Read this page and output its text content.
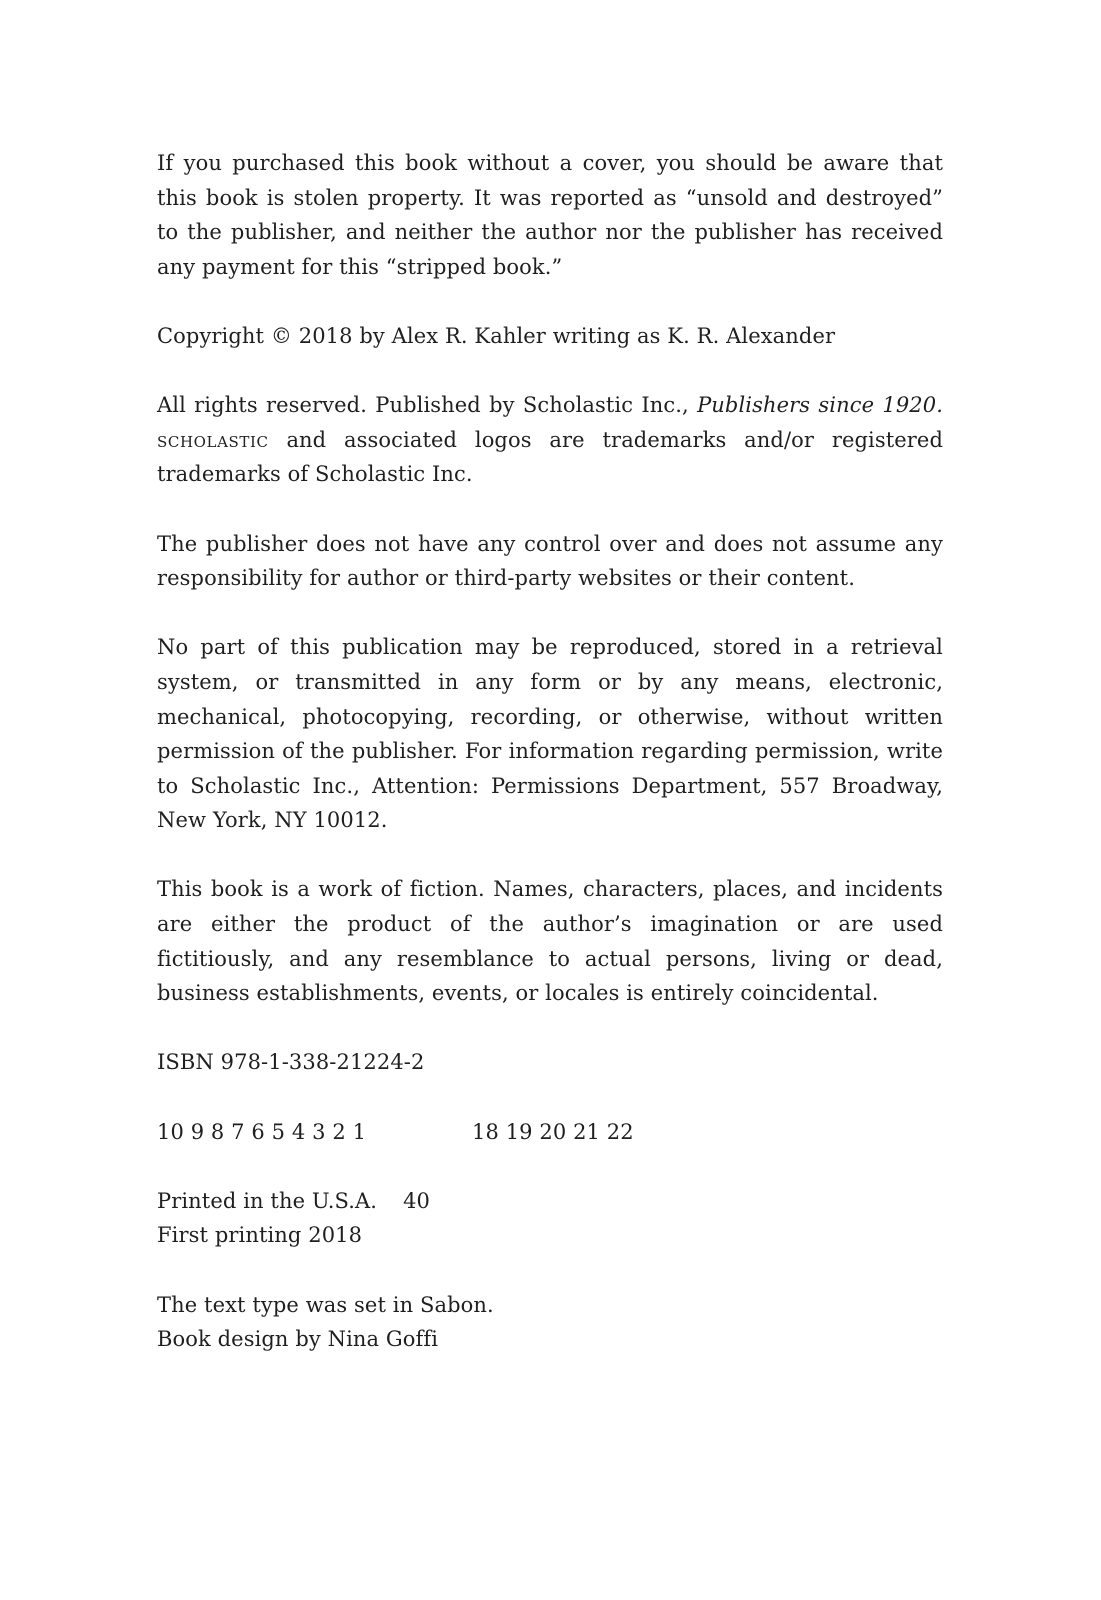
If you purchased this book without a cover, you should be aware that this book is stolen property. It was reported as “unsold and destroyed” to the publisher, and neither the author nor the publisher has received any payment for this “stripped book.”

Copyright © 2018 by Alex R. Kahler writing as K. R. Alexander

All rights reserved. Published by Scholastic Inc., Publishers since 1920. scholastic and associated logos are trademarks and/or registered trademarks of Scholastic Inc.

The publisher does not have any control over and does not assume any responsibility for author or third-party websites or their content.

No part of this publication may be reproduced, stored in a retrieval system, or transmitted in any form or by any means, electronic, mechanical, photocopying, recording, or otherwise, without written permission of the publisher. For information regarding permission, write to Scholastic Inc., Attention: Permissions Department, 557 Broadway, New York, NY 10012.

This book is a work of fiction. Names, characters, places, and incidents are either the product of the author’s imagination or are used fictitiously, and any resemblance to actual persons, living or dead, business establishments, events, or locales is entirely coincidental.

ISBN 978-1-338-21224-2

10 9 8 7 6 5 4 3 2 1	18 19 20 21 22

Printed in the U.S.A. 40
First printing 2018

The text type was set in Sabon.
Book design by Nina Goffi
